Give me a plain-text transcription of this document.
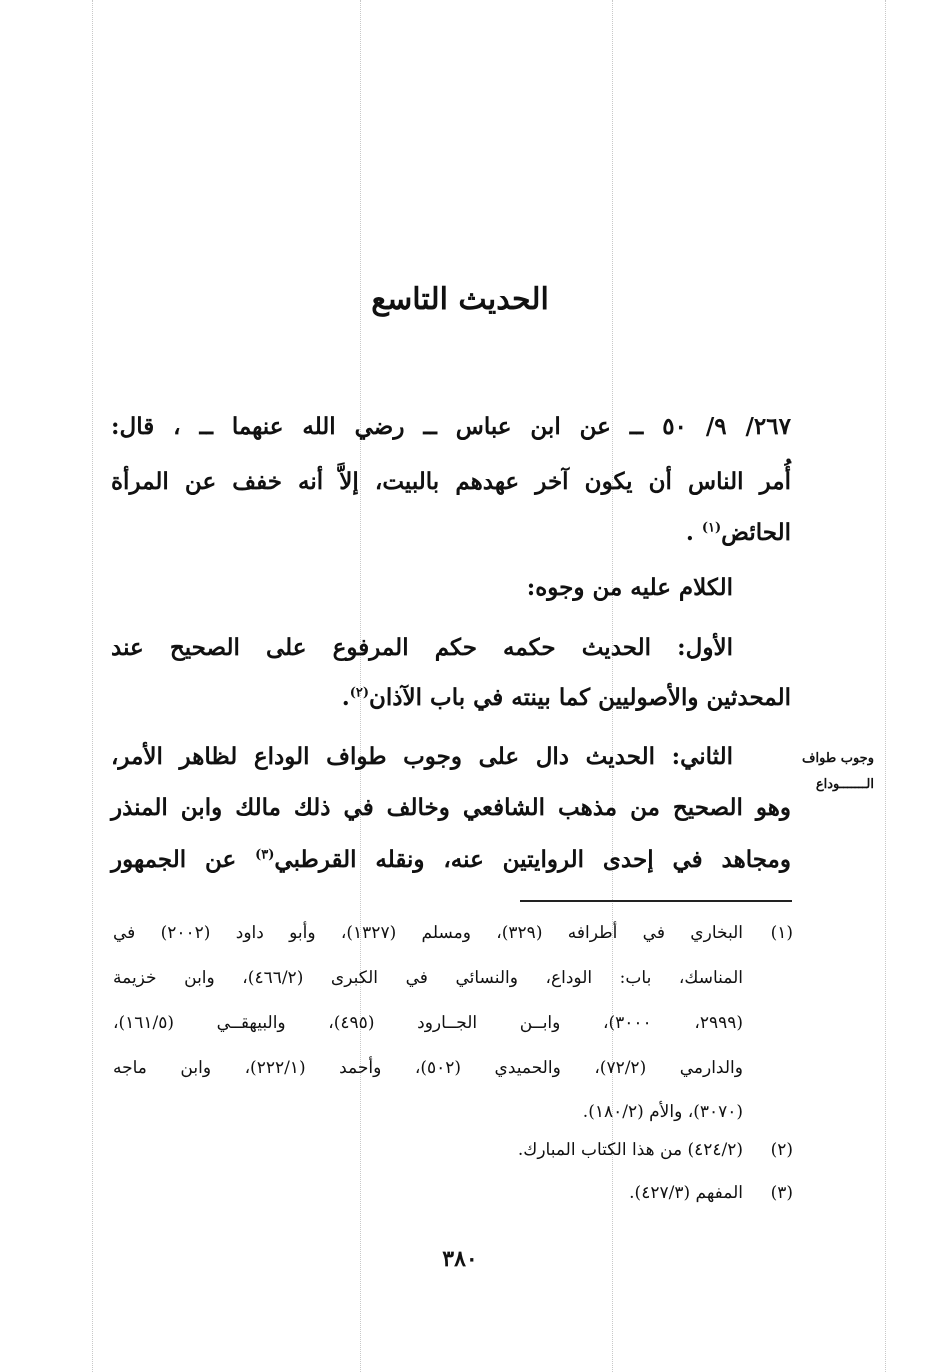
الحديث التاسع
٢٦٧/ ٩/ ٥٠ ــ عن ابن عباس ــ رضي الله عنهما ــ ، قال:
أُمر الناس أن يكون آخر عهدهم بالبيت، إلاَّ أنه خفف عن المرأة
الحائض$^{(١)}$ .
الكلام عليه من وجوه:
الأول: الحديث حكمه حكم المرفوع على الصحيح عند
المحدثين والأصوليين كما بينته في باب الآذان$^{(٢)}$.
الثاني: الحديث دال على وجوب طواف الوداع لظاهر الأمر،
وهو الصحيح من مذهب الشافعي وخالف في ذلك مالك وابن المنذر
ومجاهد في إحدى الروايتين عنه، ونقله القرطبي$^{(٣)}$ عن الجمهور
وجوب طواف
الـــــــوداع
(١)البخاري في أطرافه (٣٢٩)، ومسلم (١٣٢٧)، وأبو داود (٢٠٠٢) في
المناسك، باب: الوداع، والنسائي في الكبرى (٤٦٦/٢)، وابن خزيمة
(٢٩٩٩، ٣٠٠٠)، وابــن الجــارود (٤٩٥)، والبيهقــي (١٦١/٥)،
والدارمي (٧٢/٢)، والحميدي (٥٠٢)، وأحمد (٢٢٢/١)، وابن ماجه
(٣٠٧٠)، والأم (١٨٠/٢).
(٢)(٤٢٤/٢) من هذا الكتاب المبارك.
(٣)المفهم (٤٢٧/٣).
٣٨٠
